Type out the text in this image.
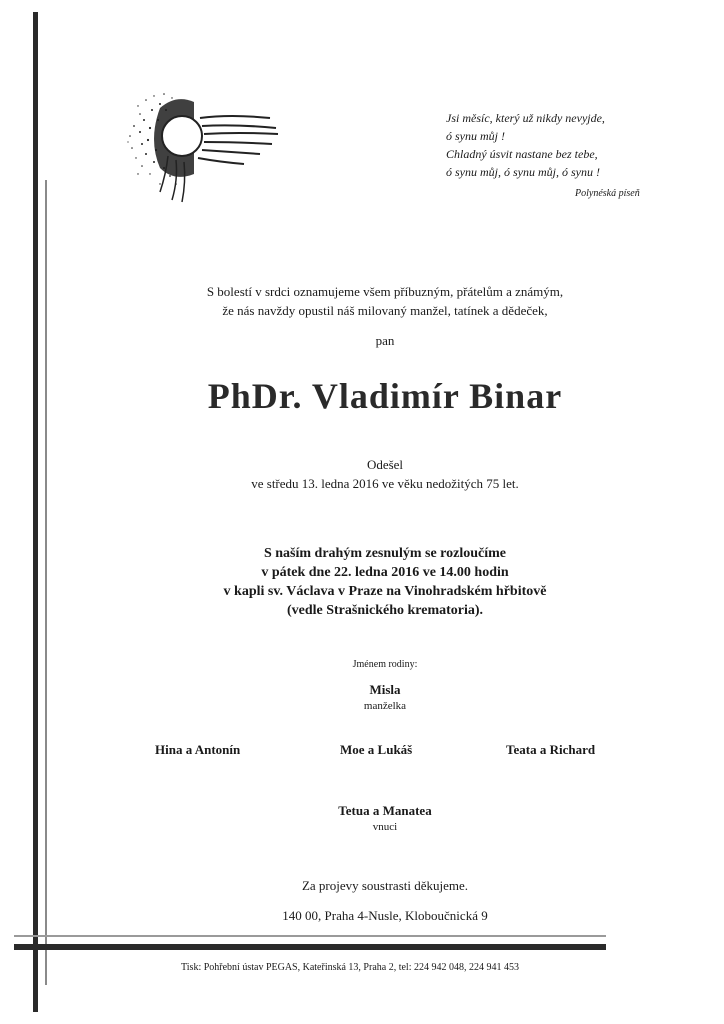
Jsi měsíc, který už nikdy nevyjde,
ó synu můj !
Chladný úsvit nastane bez tebe,
ó synu můj, ó synu můj, ó synu !
Polynéská píseň
S bolestí v srdci oznamujeme všem příbuzným, přátelům a známým,
že nás navždy opustil náš milovaný manžel, tatínek a dědeček,
pan
PhDr. Vladimír Binar
Odešel
ve středu 13. ledna 2016 ve věku nedožitých 75 let.
S naším drahým zesnulým se rozloučíme
v pátek dne 22. ledna 2016 ve 14.00 hodin
v kapli sv. Václava v Praze na Vinohradském hřbitově
(vedle Strašnického krematoria).
Jménem rodiny:
Misla
manželka
Hina a Antonín	Moe a Lukáš	Teata a Richard
Tetua a Manatea
vnuci
Za projevy soustrasti děkujeme.
140 00, Praha 4-Nusle, Kloboučnická 9
Tisk: Pohřební ústav PEGAS, Kateřinská 13, Praha 2, tel: 224 942 048, 224 941 453
